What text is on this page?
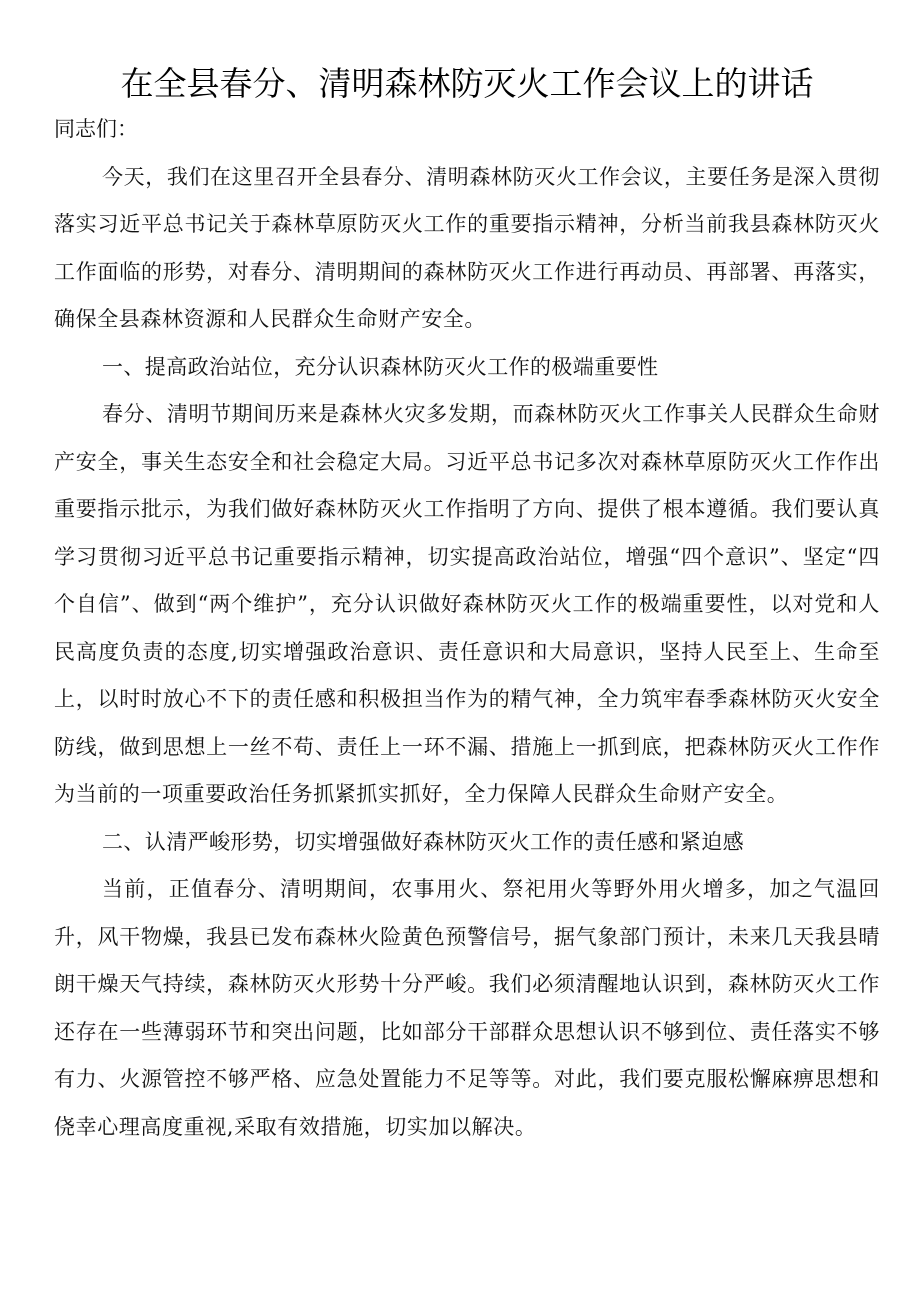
在全县春分、清明森林防灭火工作会议上的讲话

同志们：

今天，我们在这里召开全县春分、清明森林防灭火工作会议，主要任务是深入贯彻落实习近平总书记关于森林草原防灭火工作的重要指示精神，分析当前我县森林防灭火工作面临的形势，对春分、清明期间的森林防灭火工作进行再动员、再部署、再落实，确保全县森林资源和人民群众生命财产安全。

一、提高政治站位，充分认识森林防灭火工作的极端重要性

春分、清明节期间历来是森林火灾多发期，而森林防灭火工作事关人民群众生命财产安全，事关生态安全和社会稳定大局。习近平总书记多次对森林草原防灭火工作作出重要指示批示，为我们做好森林防灭火工作指明了方向、提供了根本遵循。我们要认真学习贯彻习近平总书记重要指示精神，切实提高政治站位，增强“四个意识”、坚定“四个自信”、做到“两个维护”，充分认识做好森林防灭火工作的极端重要性，以对党和人民高度负责的态度,切实增强政治意识、责任意识和大局意识，坚持人民至上、生命至上，以时时放心不下的责任感和积极担当作为的精气神，全力筑牢春季森林防灭火安全防线，做到思想上一丝不苟、责任上一环不漏、措施上一抓到底，把森林防灭火工作作为当前的一项重要政治任务抓紧抓实抓好，全力保障人民群众生命财产安全。

二、认清严峻形势，切实增强做好森林防灭火工作的责任感和紧迫感

当前，正值春分、清明期间，农事用火、祭祀用火等野外用火增多，加之气温回升，风干物燥，我县已发布森林火险黄色预警信号，据气象部门预计，未来几天我县晴朗干燥天气持续，森林防灭火形势十分严峻。我们必须清醒地认识到，森林防灭火工作还存在一些薄弱环节和突出问题，比如部分干部群众思想认识不够到位、责任落实不够有力、火源管控不够严格、应急处置能力不足等等。对此，我们要克服松懈麻痹思想和侥幸心理高度重视,采取有效措施，切实加以解决。
